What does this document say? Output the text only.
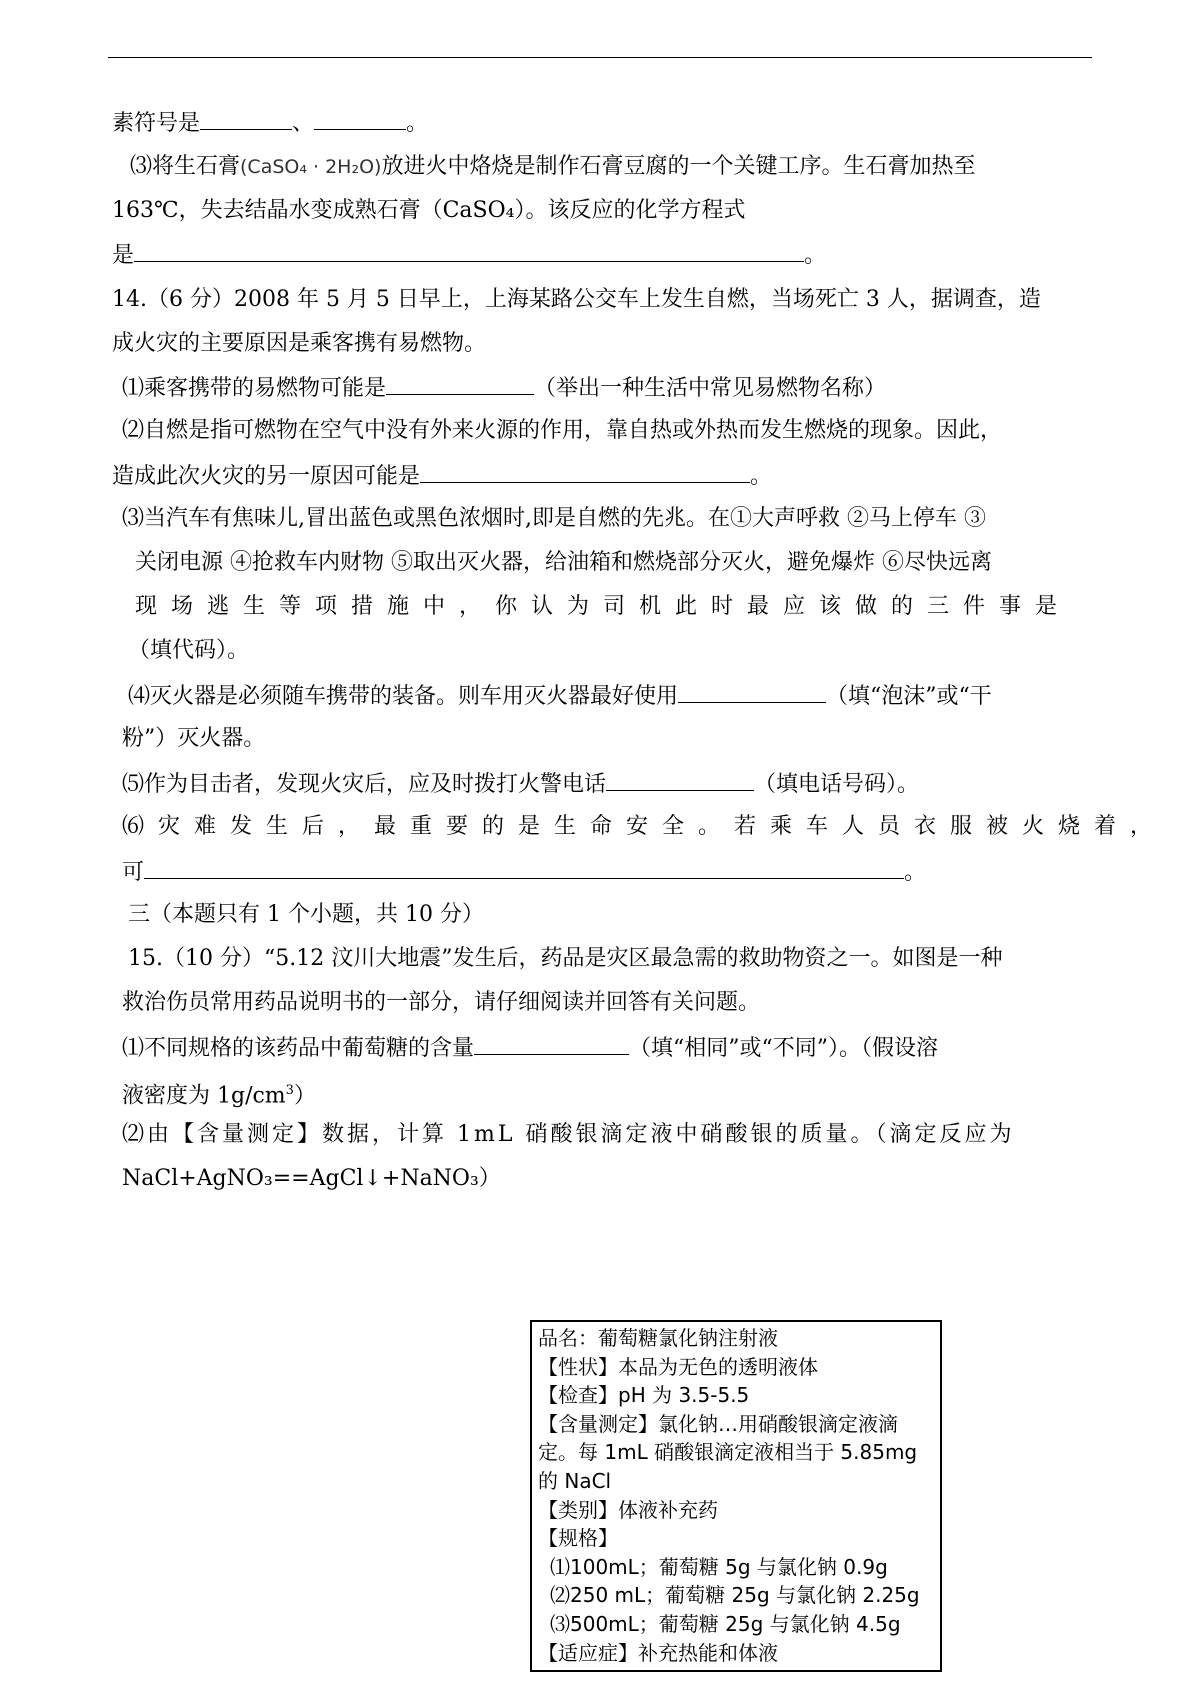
素符号是	、	。
⑶将生石膏(CaSO₄ · 2H₂O)放进火中烙烧是制作石膏豆腐的一个关键工序。生石膏加热至
163℃，失去结晶水变成熟石膏（CaSO₄）。该反应的化学方程式
是	。
14.（6 分）2008 年 5 月 5 日早上，上海某路公交车上发生自燃，当场死亡 3 人，据调查，造
成火灾的主要原因是乘客携有易燃物。
⑴乘客携带的易燃物可能是	（举出一种生活中常见易燃物名称）
⑵自燃是指可燃物在空气中没有外来火源的作用，靠自热或外热而发生燃烧的现象。因此，
造成此次火灾的另一原因可能是	。
⑶当汽车有焦味儿,冒出蓝色或黑色浓烟时,即是自燃的先兆。在①大声呼救 ②马上停车 ③
关闭电源 ④抢救车内财物 ⑤取出灭火器，给油箱和燃烧部分灭火，避免爆炸 ⑥尽快远离
现场逃生等项措施中，你认为司机此时最应该做的三件事是
（填代码）。
⑷灭火器是必须随车携带的装备。则车用灭火器最好使用	（填“泡沫”或“干
粉”）灭火器。
⑸作为目击者，发现火灾后，应及时拨打火警电话	（填电话号码）。
⑹灾难发生后，最重要的是生命安全。若乘车人员衣服被火烧着，
可	。
三（本题只有 1 个小题，共 10 分）
15.（10 分）“5.12 汶川大地震”发生后，药品是灾区最急需的救助物资之一。如图是一种
救治伤员常用药品说明书的一部分，请仔细阅读并回答有关问题。
⑴不同规格的该药品中葡萄糖的含量	（填“相同”或“不同”）。（假设溶
液密度为 $1g/cm^3$）
⑵由【含量测定】数据，计算 1mL 硝酸银滴定液中硝酸银的质量。（滴定反应为
NaCl+AgNO₃==AgCl↓+NaNO₃）
品名：葡萄糖氯化钠注射液
【性状】本品为无色的透明液体
【检查】pH 为 3.5-5.5
【含量测定】氯化钠…用硝酸银滴定液滴
定。每 1mL 硝酸银滴定液相当于 5.85mg
的 NaCl
【类别】体液补充药
【规格】
⑴100mL；葡萄糖 5g 与氯化钠 0.9g
⑵250 mL；葡萄糖 25g 与氯化钠 2.25g
⑶500mL；葡萄糖 25g 与氯化钠 4.5g
【适应症】补充热能和体液
